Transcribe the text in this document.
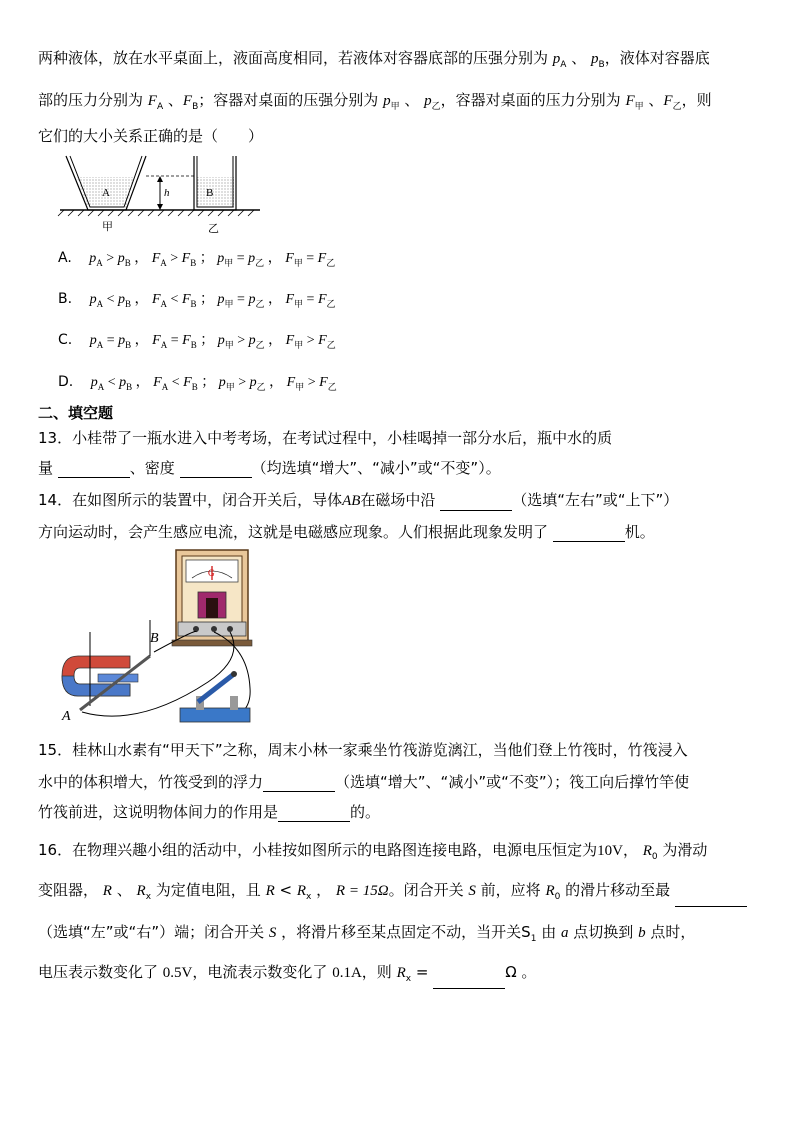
两种液体，放在水平桌面上，液面高度相同，若液体对容器底部的压强分别为 $p_A$ 、 $p_B$，液体对容器底
部的压力分别为 $F_A$ 、$F_B$；容器对桌面的压强分别为 $p_甲$ 、 $p_乙$，容器对桌面的压力分别为 $F_甲$ 、$F_乙$，则
它们的大小关系正确的是（　　）
A	h	B
甲	乙
A. $p_A > p_B$ ， $F_A > F_B$ ； $p_甲 = p_乙$ ， $F_甲 = F_乙$
B. $p_A < p_B$ ， $F_A < F_B$ ； $p_甲 = p_乙$ ， $F_甲 = F_乙$
C. $p_A = p_B$ ， $F_A = F_B$ ； $p_甲 > p_乙$ ， $F_甲 > F_乙$
D. $p_A < p_B$ ， $F_A < F_B$ ； $p_甲 > p_乙$ ， $F_甲 > F_乙$
二、填空题
13．小桂带了一瓶水进入中考考场，在考试过程中，小桂喝掉一部分水后，瓶中水的质
量	、密度	（均选填“增大”、“减小”或“不变”）。
14．在如图所示的装置中，闭合开关后，导体AB在磁场中沿	（选填“左右”或“上下”）
方向运动时，会产生感应电流，这就是电磁感应现象。人们根据此现象发明了	机。
G
B
A
15．桂林山水素有“甲天下”之称，周末小林一家乘坐竹筏游览漓江，当他们登上竹筏时，竹筏浸入
水中的体积增大，竹筏受到的浮力	（选填“增大”、“减小”或“不变”）；筏工向后撑竹竿使
竹筏前进，这说明物体间力的作用是	的。
16．在物理兴趣小组的活动中，小桂按如图所示的电路图连接电路，电源电压恒定为10V， $R_0$ 为滑动
变阻器， R 、 $R_x$ 为定值电阻，且 $R < R_x$ ， R = 15Ω。闭合开关 S 前，应将 $R_0$ 的滑片移动至最
（选填“左”或“右”）端；闭合开关 S ，将滑片移至某点固定不动，当开关$S_1$ 由 a 点切换到 b 点时，
电压表示数变化了 0.5V，电流表示数变化了 0.1A，则 $R_x$ =	Ω 。
